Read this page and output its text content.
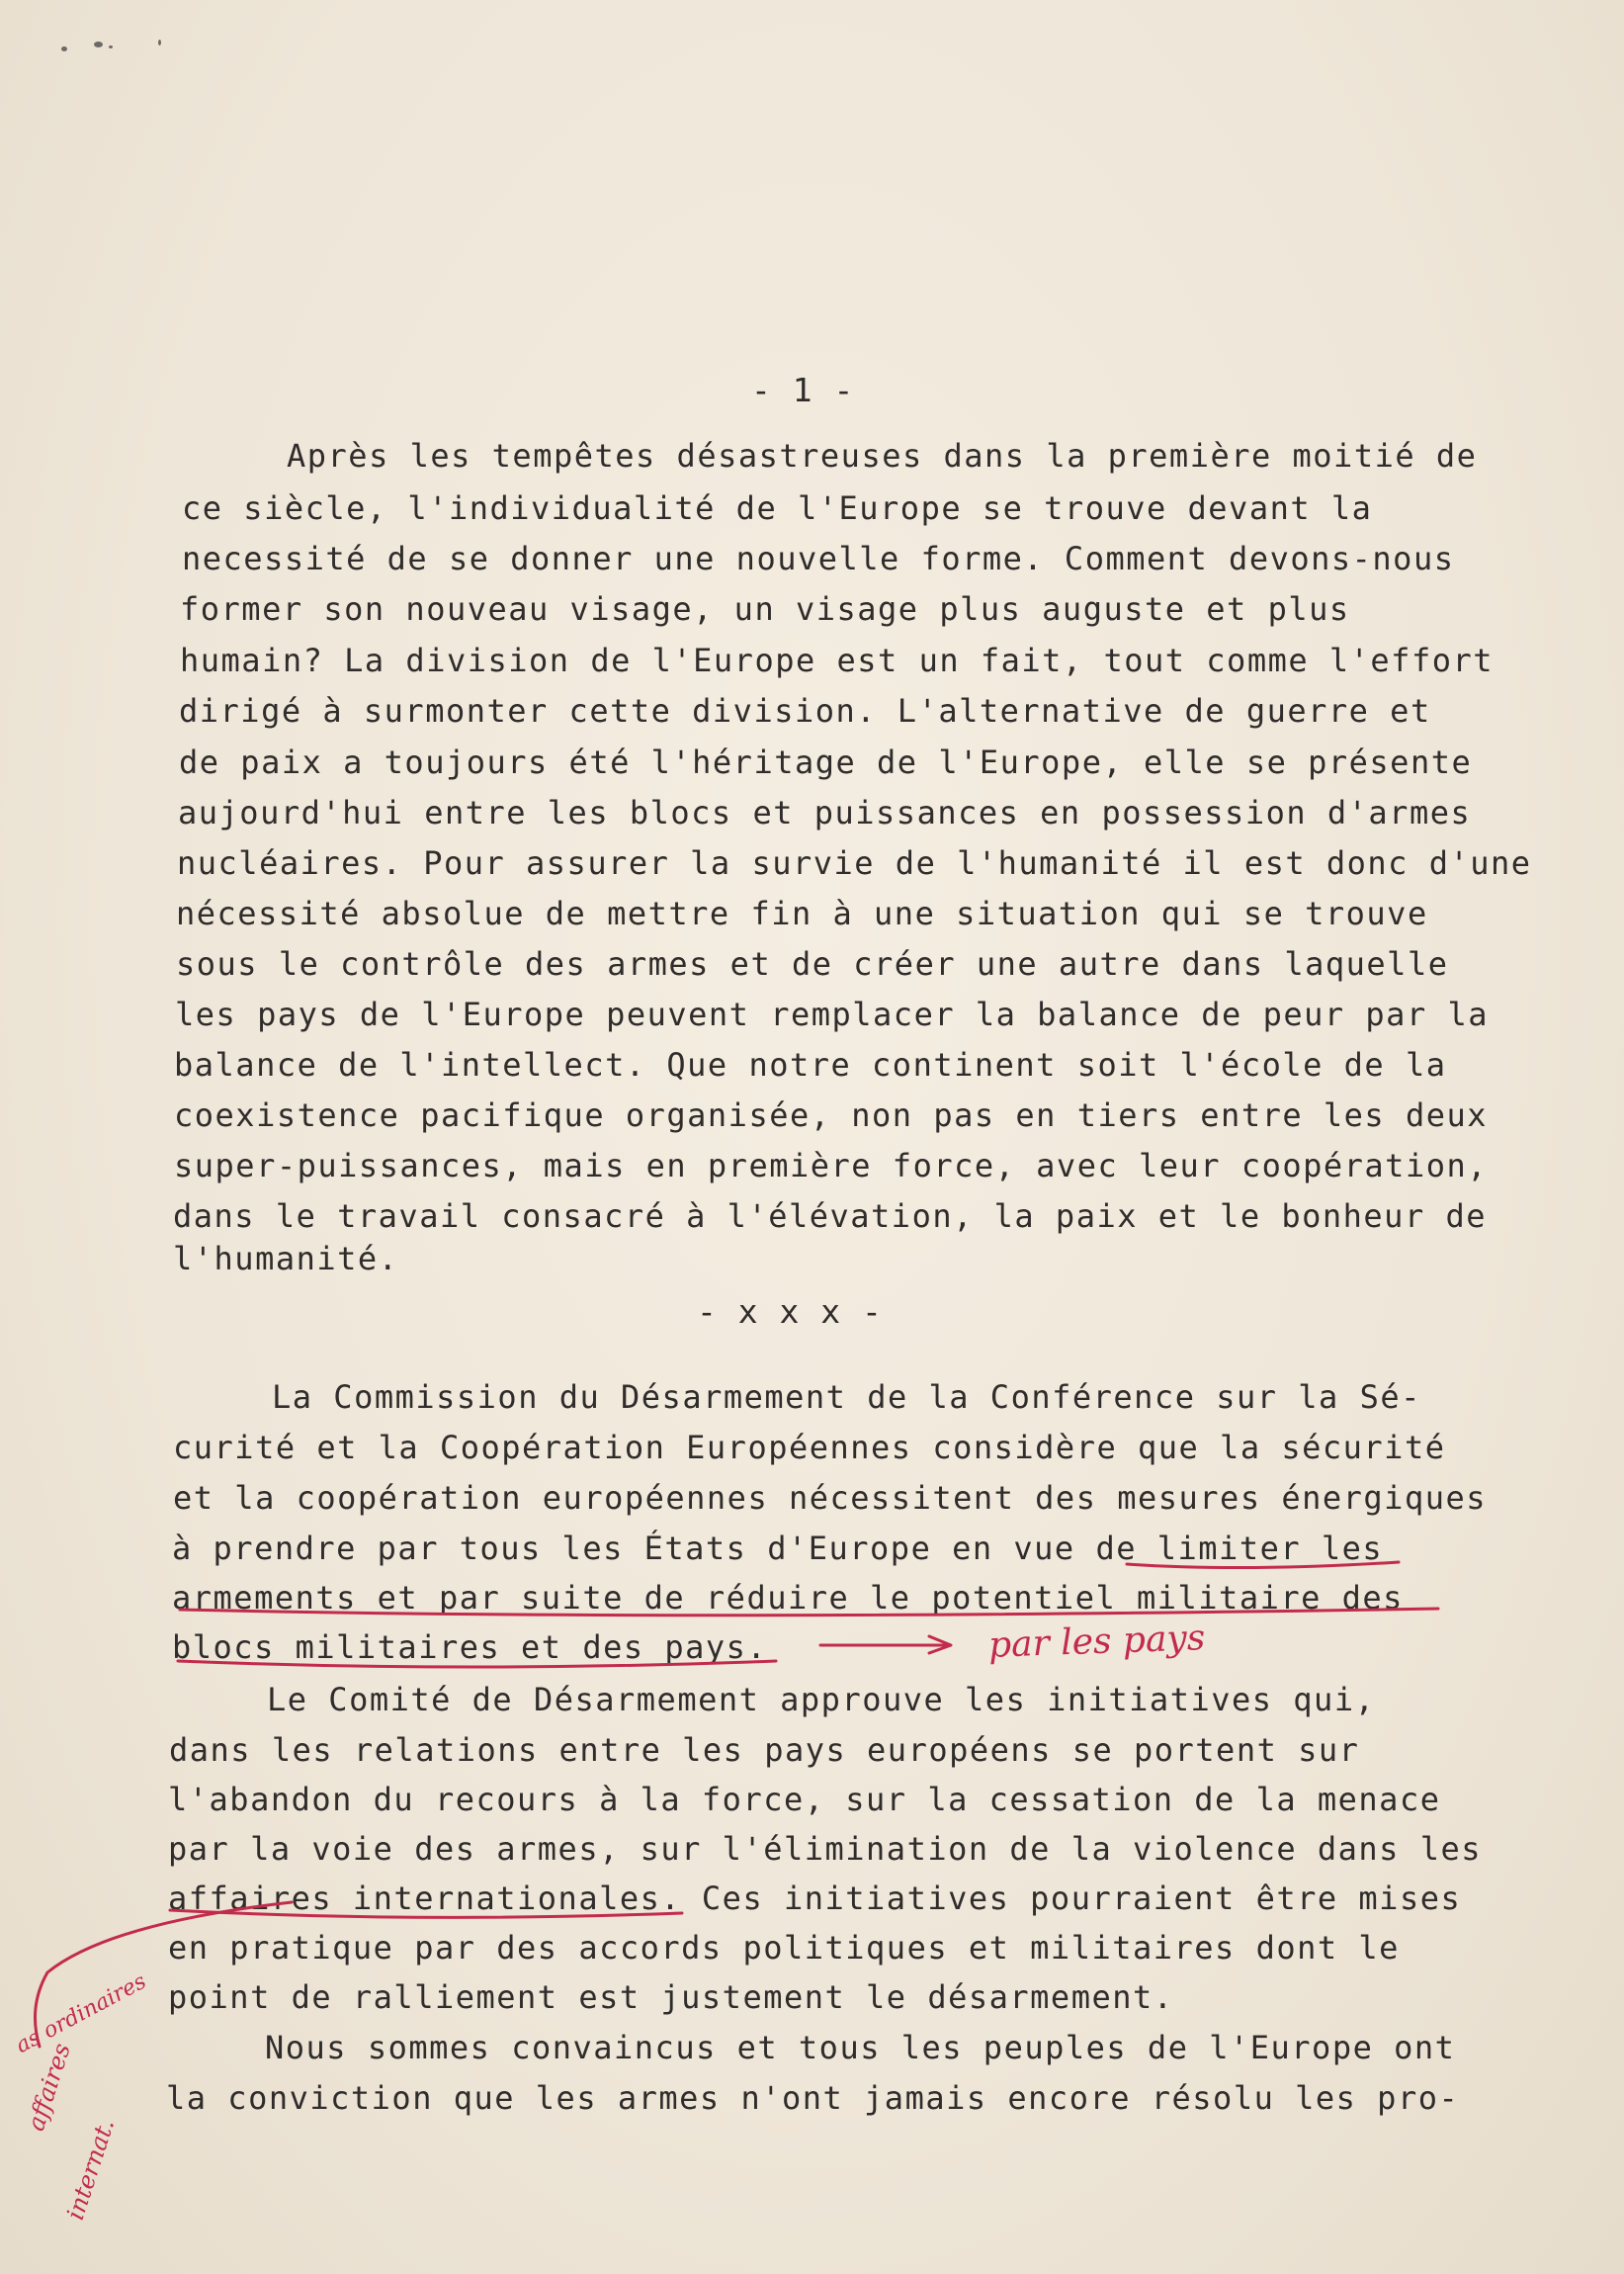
- 1 -
Après les tempêtes désastreuses dans la première moitié de
ce siècle, l'individualité de l'Europe se trouve devant la
necessité de se donner une nouvelle forme. Comment devons-nous
former son nouveau visage, un visage plus auguste et plus
humain? La division de l'Europe est un fait, tout comme l'effort
dirigé à surmonter cette division. L'alternative de guerre et
de paix a toujours été l'héritage de l'Europe, elle se présente
aujourd'hui entre les blocs et puissances en possession d'armes
nucléaires. Pour assurer la survie de l'humanité il est donc d'une
nécessité absolue de mettre fin à une situation qui se trouve
sous le contrôle des armes et de créer une autre dans laquelle
les pays de l'Europe peuvent remplacer la balance de peur par la
balance de l'intellect. Que notre continent soit l'école de la
coexistence pacifique organisée, non pas en tiers entre les deux
super-puissances, mais en première force, avec leur coopération,
dans le travail consacré à l'élévation, la paix et le bonheur de
l'humanité.
- x x x -
La Commission du Désarmement de la Conférence sur la Sé-
curité et la Coopération Européennes considère que la sécurité
et la coopération européennes nécessitent des mesures énergiques
à prendre par tous les États d'Europe en vue de limiter les
armements et par suite de réduire le potentiel militaire des
blocs militaires et des pays.
Le Comité de Désarmement approuve les initiatives qui,
dans les relations entre les pays européens se portent sur
l'abandon du recours à la force, sur la cessation de la menace
par la voie des armes, sur l'élimination de la violence dans les
affaires internationales. Ces initiatives pourraient être mises
en pratique par des accords politiques et militaires dont le
point de ralliement est justement le désarmement.
Nous sommes convaincus et tous les peuples de l'Europe ont
la conviction que les armes n'ont jamais encore résolu les pro-
par les pays
as ordinaires
affaires
internat.
